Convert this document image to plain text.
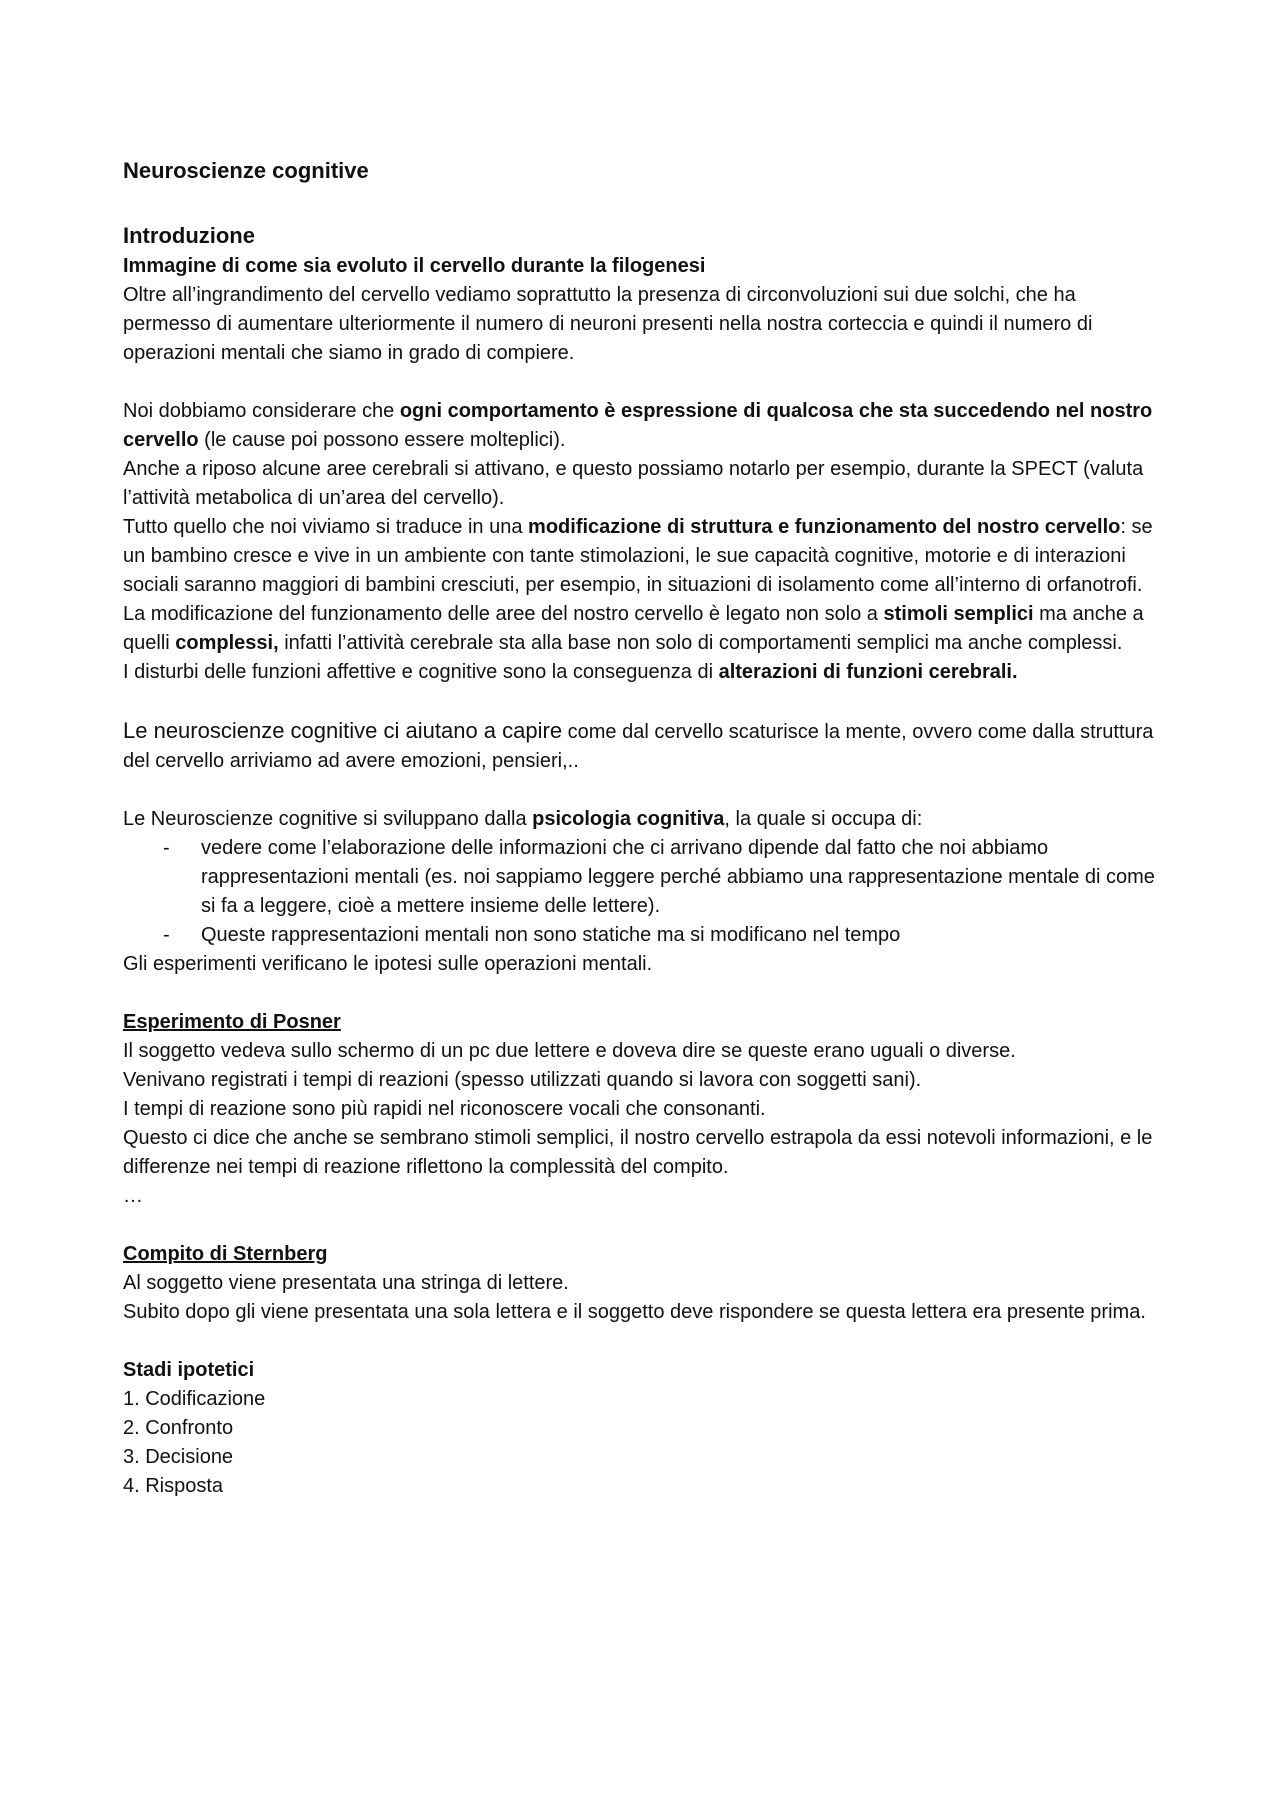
Neuroscienze cognitive

Introduzione

Immagine di come sia evoluto il cervello durante la filogenesi

Oltre all’ingrandimento del cervello vediamo soprattutto la presenza di circonvoluzioni sui due solchi, che ha permesso di aumentare ulteriormente il numero di neuroni presenti nella nostra corteccia e quindi il numero di operazioni mentali che siamo in grado di compiere.

Noi dobbiamo considerare che ogni comportamento è espressione di qualcosa che sta succedendo nel nostro cervello (le cause poi possono essere molteplici).

Anche a riposo alcune aree cerebrali si attivano, e questo possiamo notarlo per esempio, durante la SPECT (valuta l’attività metabolica di un’area del cervello).

Tutto quello che noi viviamo si traduce in una modificazione di struttura e funzionamento del nostro cervello: se un bambino cresce e vive in un ambiente con tante stimolazioni, le sue capacità cognitive, motorie e di interazioni sociali saranno maggiori di bambini cresciuti, per esempio, in situazioni di isolamento come all’interno di orfanotrofi.

La modificazione del funzionamento delle aree del nostro cervello è legato non solo a stimoli semplici ma anche a quelli complessi, infatti l’attività cerebrale sta alla base non solo di comportamenti semplici ma anche complessi.

I disturbi delle funzioni affettive e cognitive sono la conseguenza di alterazioni di funzioni cerebrali.

Le neuroscienze cognitive ci aiutano a capire come dal cervello scaturisce la mente, ovvero come dalla struttura del cervello arriviamo ad avere emozioni, pensieri,..

Le Neuroscienze cognitive si sviluppano dalla psicologia cognitiva, la quale si occupa di:

- vedere come l’elaborazione delle informazioni che ci arrivano dipende dal fatto che noi abbiamo rappresentazioni mentali (es. noi sappiamo leggere perché abbiamo una rappresentazione mentale di come si fa a leggere, cioè a mettere insieme delle lettere).
- Queste rappresentazioni mentali non sono statiche ma si modificano nel tempo

Gli esperimenti verificano le ipotesi sulle operazioni mentali.

Esperimento di Posner

Il soggetto vedeva sullo schermo di un pc due lettere e doveva dire se queste erano uguali o diverse.

Venivano registrati i tempi di reazioni (spesso utilizzati quando si lavora con soggetti sani).

I tempi di reazione sono più rapidi nel riconoscere vocali che consonanti.

Questo ci dice che anche se sembrano stimoli semplici, il nostro cervello estrapola da essi notevoli informazioni, e le differenze nei tempi di reazione riflettono la complessità del compito.

…

Compito di Sternberg

Al soggetto viene presentata una stringa di lettere.

Subito dopo gli viene presentata una sola lettera e il soggetto deve rispondere se questa lettera era presente prima.

Stadi ipotetici

1. Codificazione
2. Confronto
3. Decisione
4. Risposta
